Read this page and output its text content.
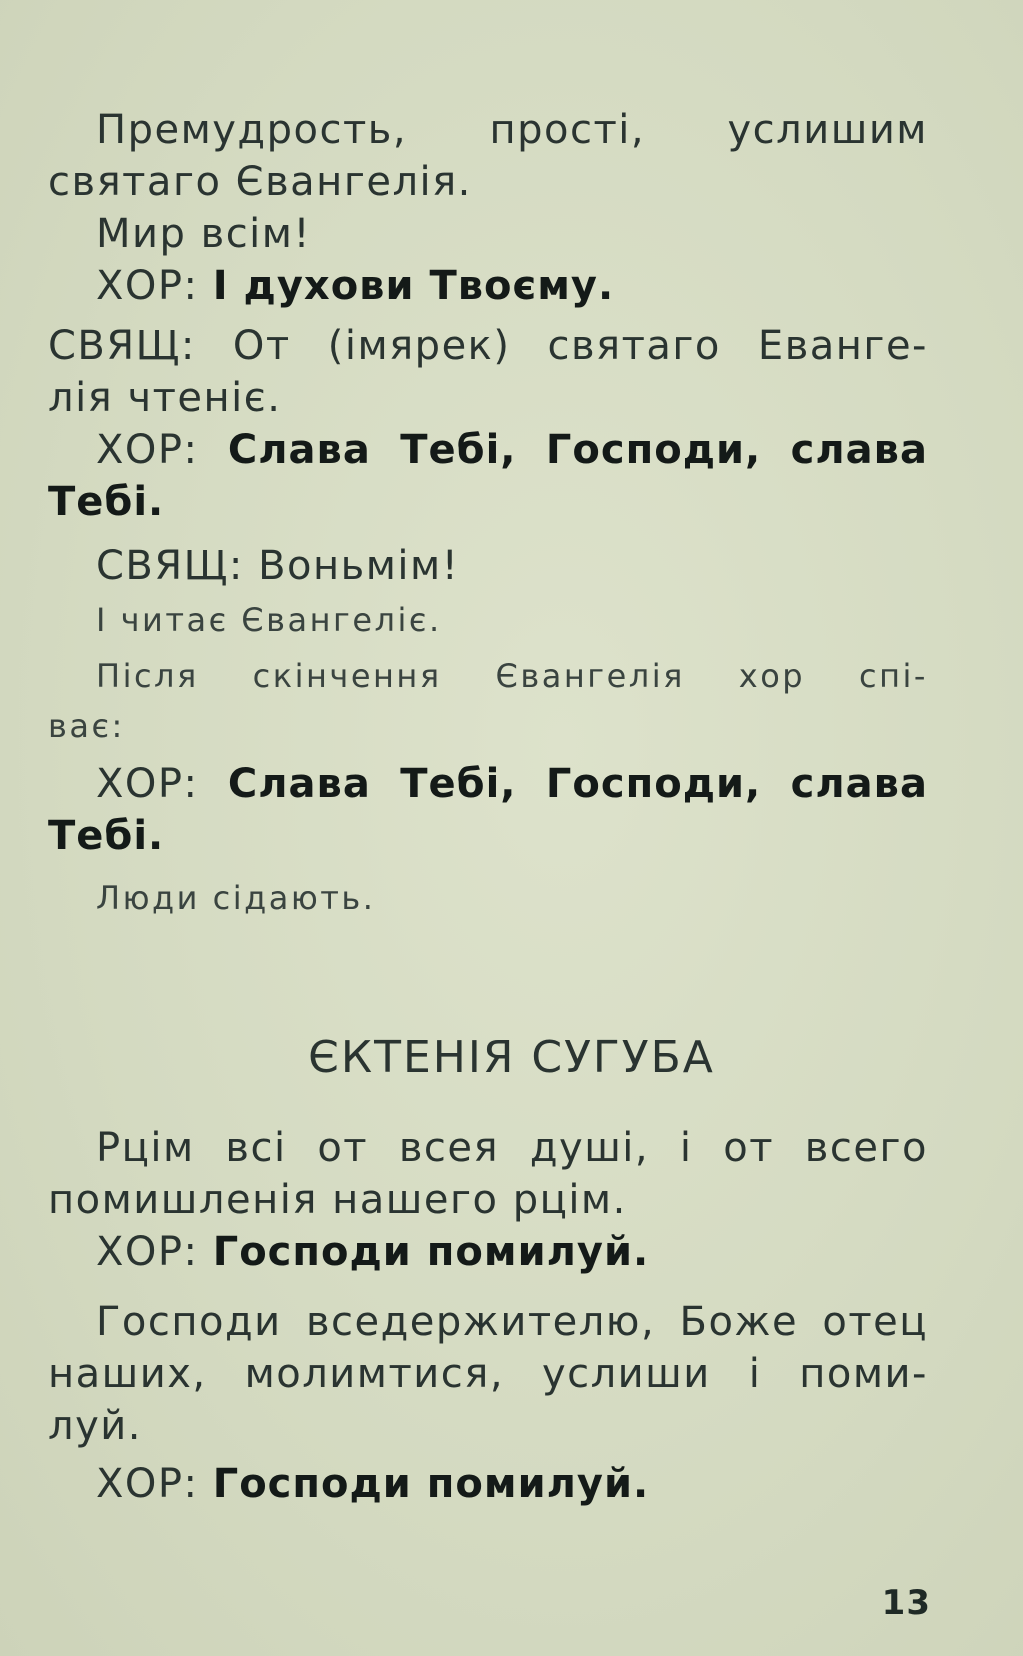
Премудрость, прості, услишим
святаго Євангелія.
Мир всім!
ХОР: І духови Твоєму.
СВЯЩ: От (імярек) святаго Еванге-
лія чтеніє.
ХОР: Слава Тебі, Господи, слава
Тебі.
СВЯЩ: Воньмім!
І читає Євангеліє.
Після скінчення Євангелія хор спі-
ває:
ХОР: Слава Тебі, Господи, слава
Тебі.
Люди сідають.
Рцім всі от всея душі, і от всего
помишленія нашего рцім.
ХОР: Господи помилуй.
Господи вседержителю, Боже отец
наших, молимтися, услиши і поми-
луй.
ХОР: Господи помилуй.
ЄКТЕНІЯ СУГУБА
13
